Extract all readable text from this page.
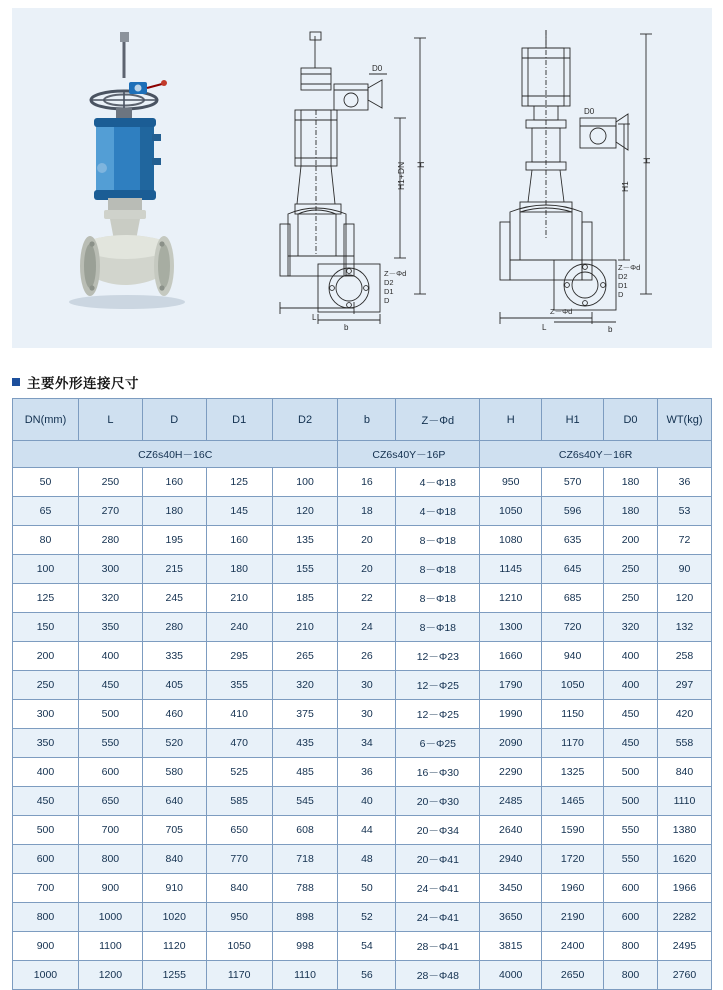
D0
b
L
Z－Φd
D2
D1
D
H
H1+DN
D0
L	b
Z－Φd
Z－Φd
D2
D1
D
H
H1
主要外形连接尺寸
DN(mm)	L	D	D1	D2	b	Z－Φd	H	H1	D0	WT(kg)
CZ6s40H－16C					CZ6s40Y－16P		CZ6s40Y－16R			
50	250	160	125	100	16	4－Φ18	950	570	180	36
65	270	180	145	120	18	4－Φ18	1050	596	180	53
80	280	195	160	135	20	8－Φ18	1080	635	200	72
100	300	215	180	155	20	8－Φ18	1145	645	250	90
125	320	245	210	185	22	8－Φ18	1210	685	250	120
150	350	280	240	210	24	8－Φ18	1300	720	320	132
200	400	335	295	265	26	12－Φ23	1660	940	400	258
250	450	405	355	320	30	12－Φ25	1790	1050	400	297
300	500	460	410	375	30	12－Φ25	1990	1150	450	420
350	550	520	470	435	34	6－Φ25	2090	1170	450	558
400	600	580	525	485	36	16－Φ30	2290	1325	500	840
450	650	640	585	545	40	20－Φ30	2485	1465	500	1110
500	700	705	650	608	44	20－Φ34	2640	1590	550	1380
600	800	840	770	718	48	20－Φ41	2940	1720	550	1620
700	900	910	840	788	50	24－Φ41	3450	1960	600	1966
800	1000	1020	950	898	52	24－Φ41	3650	2190	600	2282
900	1100	1120	1050	998	54	28－Φ41	3815	2400	800	2495
1000	1200	1255	1170	1110	56	28－Φ48	4000	2650	800	2760
